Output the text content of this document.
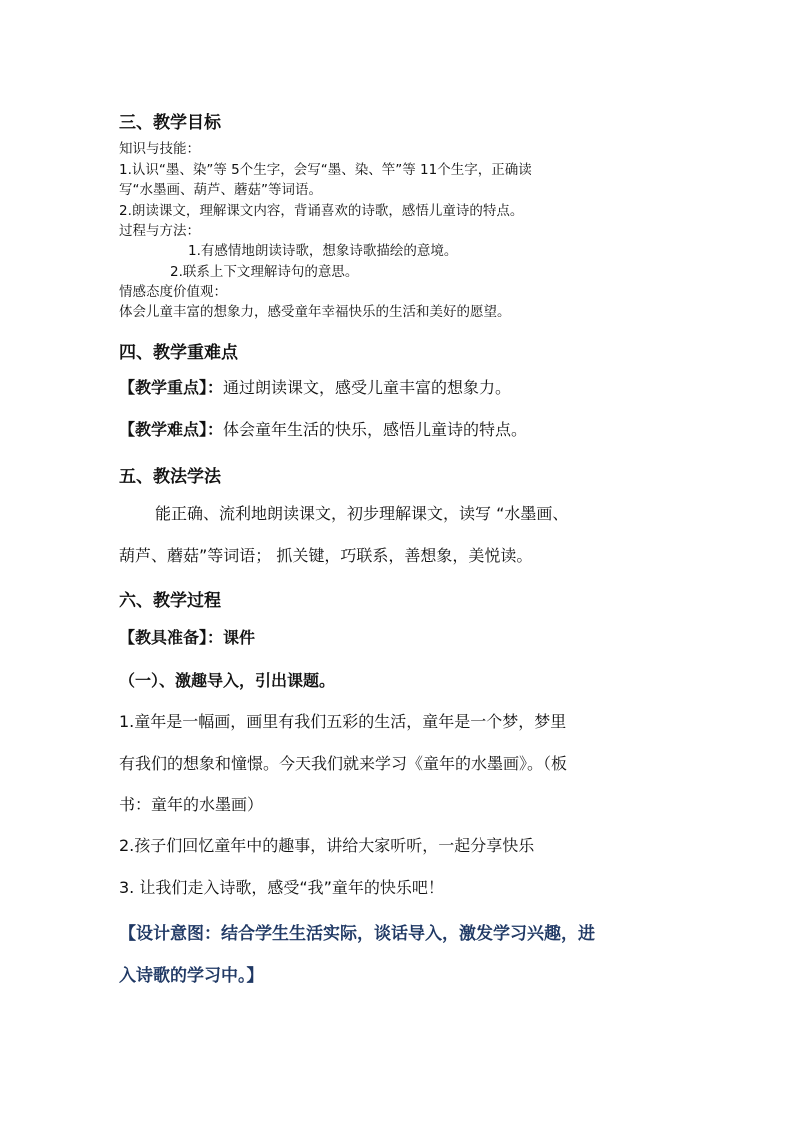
三、教学目标
知识与技能：
1.认识“墨、染”等 5个生字，会写“墨、染、竿”等 11个生字，正确读
写“水墨画、葫芦、蘑菇”等词语。
2.朗读课文，理解课文内容，背诵喜欢的诗歌，感悟儿童诗的特点。
过程与方法：
1.有感情地朗读诗歌，想象诗歌描绘的意境。
2.联系上下文理解诗句的意思。
情感态度价值观：
体会儿童丰富的想象力，感受童年幸福快乐的生活和美好的愿望。
四、教学重难点
【教学重点】：通过朗读课文，感受儿童丰富的想象力。
【教学难点】：体会童年生活的快乐，感悟儿童诗的特点。
五、教法学法
能正确、流利地朗读课文，初步理解课文，读写 “水墨画、
葫芦、蘑菇”等词语； 抓关键，巧联系，善想象，美悦读。
六、教学过程
【教具准备】：课件
（一）、激趣导入，引出课题。
1.童年是一幅画，画里有我们五彩的生活，童年是一个梦，梦里
有我们的想象和憧憬。今天我们就来学习《童年的水墨画》。（板
书：童年的水墨画）
2.孩子们回忆童年中的趣事，讲给大家听听，一起分享快乐
3. 让我们走入诗歌，感受“我”童年的快乐吧！
【设计意图：结合学生生活实际，谈话导入，激发学习兴趣，进
入诗歌的学习中。】
